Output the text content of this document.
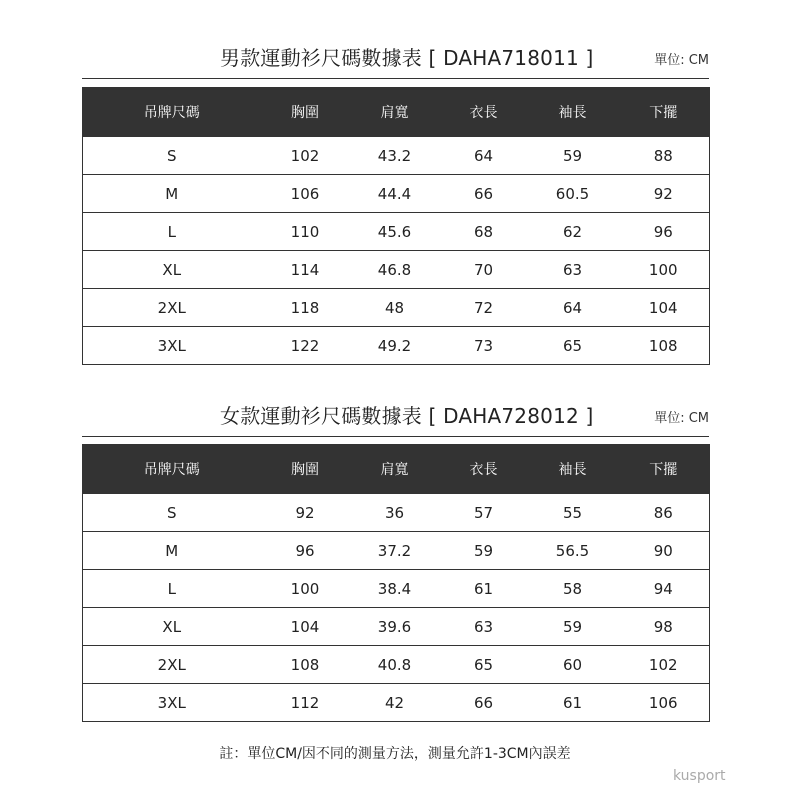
男款運動衫尺碼數據表 [ DAHA718011 ]	單位: CM
吊牌尺碼	胸圍	肩寬	衣長	袖長	下擺
S	102	43.2	64	59	88
M	106	44.4	66	60.5	92
L	110	45.6	68	62	96
XL	114	46.8	70	63	100
2XL	118	48	72	64	104
3XL	122	49.2	73	65	108
女款運動衫尺碼數據表 [ DAHA728012 ]	單位: CM
吊牌尺碼	胸圍	肩寬	衣長	袖長	下擺
S	92	36	57	55	86
M	96	37.2	59	56.5	90
L	100	38.4	61	58	94
XL	104	39.6	63	59	98
2XL	108	40.8	65	60	102
3XL	112	42	66	61	106
註：單位CM/因不同的測量方法，測量允許1-3CM內誤差
kusport
